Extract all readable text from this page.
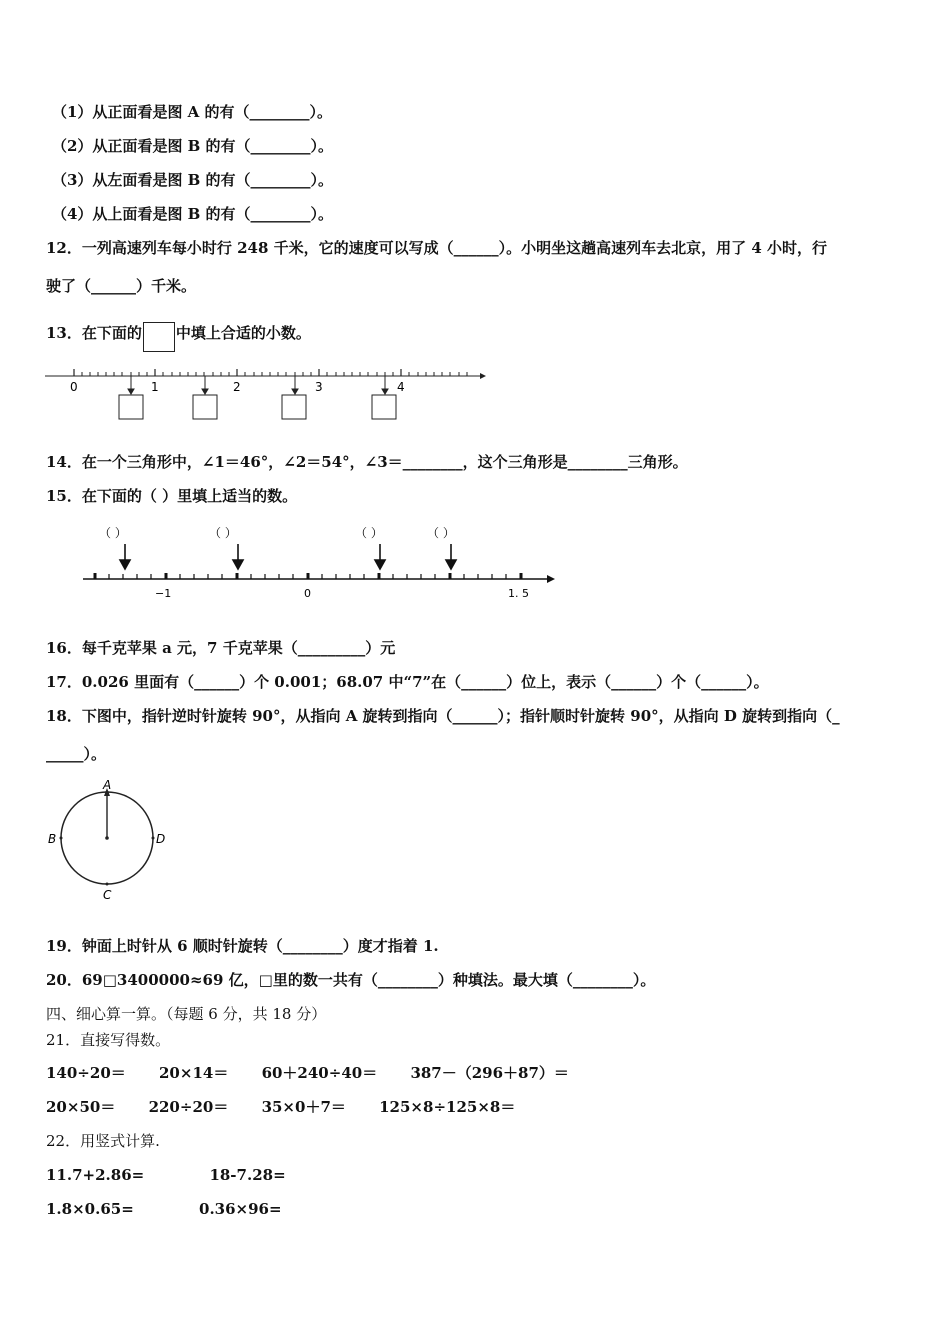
（1）从正面看是图 A 的有（________）。
（2）从正面看是图 B 的有（________）。
（3）从左面看是图 B 的有（________）。
（4）从上面看是图 B 的有（________）。
12．一列高速列车每小时行 248 千米，它的速度可以写成（______）。小明坐这趟高速列车去北京，用了 4 小时，行
驶了（______）千米。
13．在下面的 中填上合适的小数。
0	1	2	3	4
14．在一个三角形中，∠1＝46°，∠2＝54°，∠3＝________，这个三角形是________三角形。
15．在下面的（ ）里填上适当的数。
（ ）	（ ）	（ ）	（ ）
−1	0	1. 5
16．每千克苹果 a 元，7 千克苹果（_________）元
17．0.026 里面有（______）个 0.001；68.07 中“7”在（______）位上，表示（______）个（______）。
18．下图中，指针逆时针旋转 90°，从指向 A 旋转到指向（______）；指针顺时针旋转 90°，从指向 D 旋转到指向（_
_____）。
A
B
C
D
19．钟面上时针从 6 顺时针旋转（________）度才指着 1.
20．69□3400000≈69 亿，□里的数一共有（________）种填法。最大填（________）。
四、细心算一算。（每题 6 分，共 18 分）
21．直接写得数。
140÷20＝ 20×14＝ 60＋240÷40＝ 387－（296＋87）＝
20×50＝ 220÷20＝ 35×0＋7＝ 125×8÷125×8＝
22．用竖式计算.
11.7+2.86=	18-7.28=
1.8×0.65=	0.36×96=
